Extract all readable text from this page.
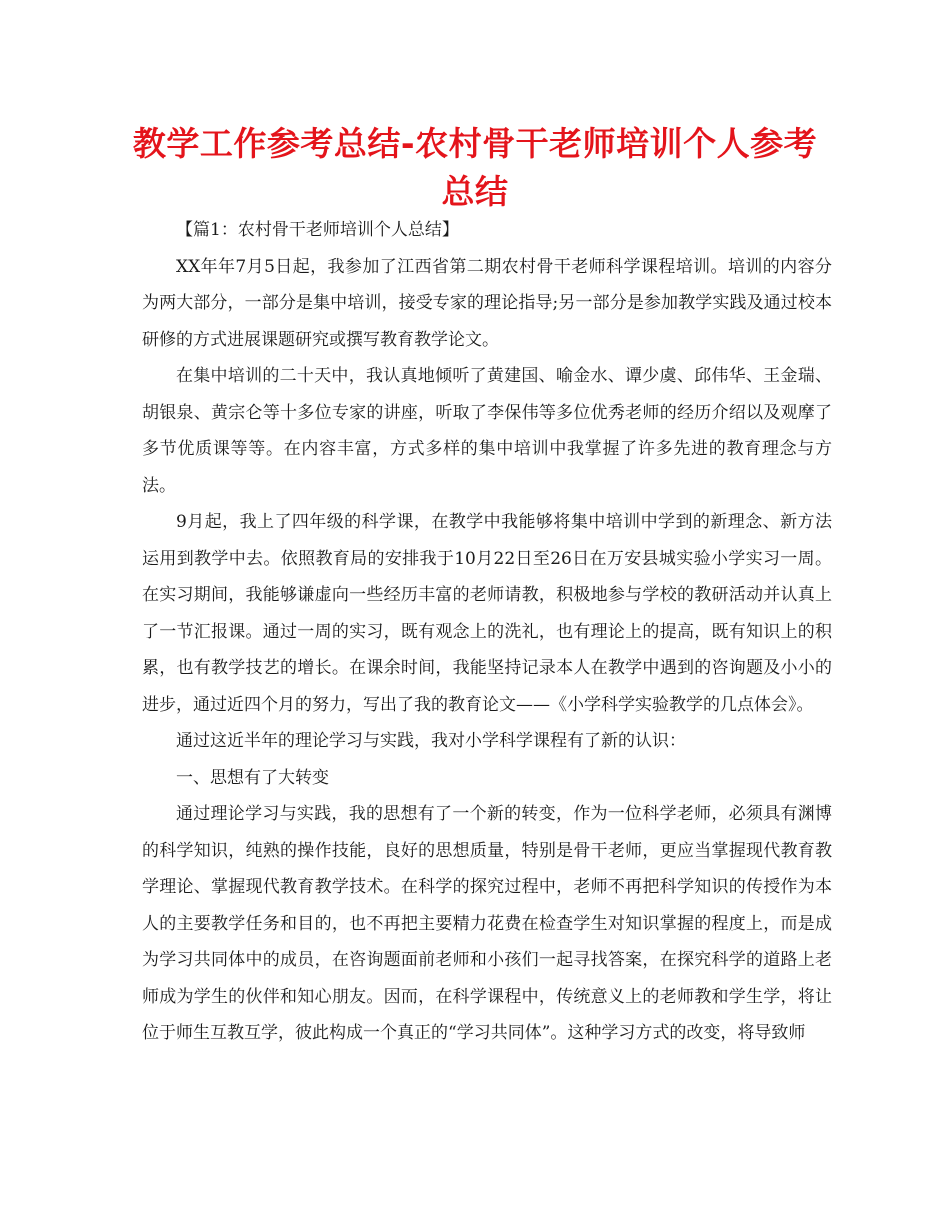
教学工作参考总结-农村骨干老师培训个人参考总结

【篇1：农村骨干老师培训个人总结】

XX年年7月5日起，我参加了江西省第二期农村骨干老师科学课程培训。培训的内容分为两大部分，一部分是集中培训，接受专家的理论指导;另一部分是参加教学实践及通过校本研修的方式进展课题研究或撰写教育教学论文。

在集中培训的二十天中，我认真地倾听了黄建国、喻金水、谭少虞、邱伟华、王金瑞、胡银泉、黄宗仑等十多位专家的讲座，听取了李保伟等多位优秀老师的经历介绍以及观摩了多节优质课等等。在内容丰富，方式多样的集中培训中我掌握了许多先进的教育理念与方法。

9月起，我上了四年级的科学课，在教学中我能够将集中培训中学到的新理念、新方法运用到教学中去。依照教育局的安排我于10月22日至26日在万安县城实验小学实习一周。在实习期间，我能够谦虚向一些经历丰富的老师请教，积极地参与学校的教研活动并认真上了一节汇报课。通过一周的实习，既有观念上的洗礼，也有理论上的提高，既有知识上的积累，也有教学技艺的增长。在课余时间，我能坚持记录本人在教学中遇到的咨询题及小小的进步，通过近四个月的努力，写出了我的教育论文——《小学科学实验教学的几点体会》。

通过这近半年的理论学习与实践，我对小学科学课程有了新的认识：

一、思想有了大转变

通过理论学习与实践，我的思想有了一个新的转变，作为一位科学老师，必须具有渊博的科学知识，纯熟的操作技能，良好的思想质量，特别是骨干老师，更应当掌握现代教育教学理论、掌握现代教育教学技术。在科学的探究过程中，老师不再把科学知识的传授作为本人的主要教学任务和目的，也不再把主要精力花费在检查学生对知识掌握的程度上，而是成为学习共同体中的成员，在咨询题面前老师和小孩们一起寻找答案，在探究科学的道路上老师成为学生的伙伴和知心朋友。因而，在科学课程中，传统意义上的老师教和学生学，将让位于师生互教互学，彼此构成一个真正的“学习共同体”。这种学习方式的改变，将导致师
